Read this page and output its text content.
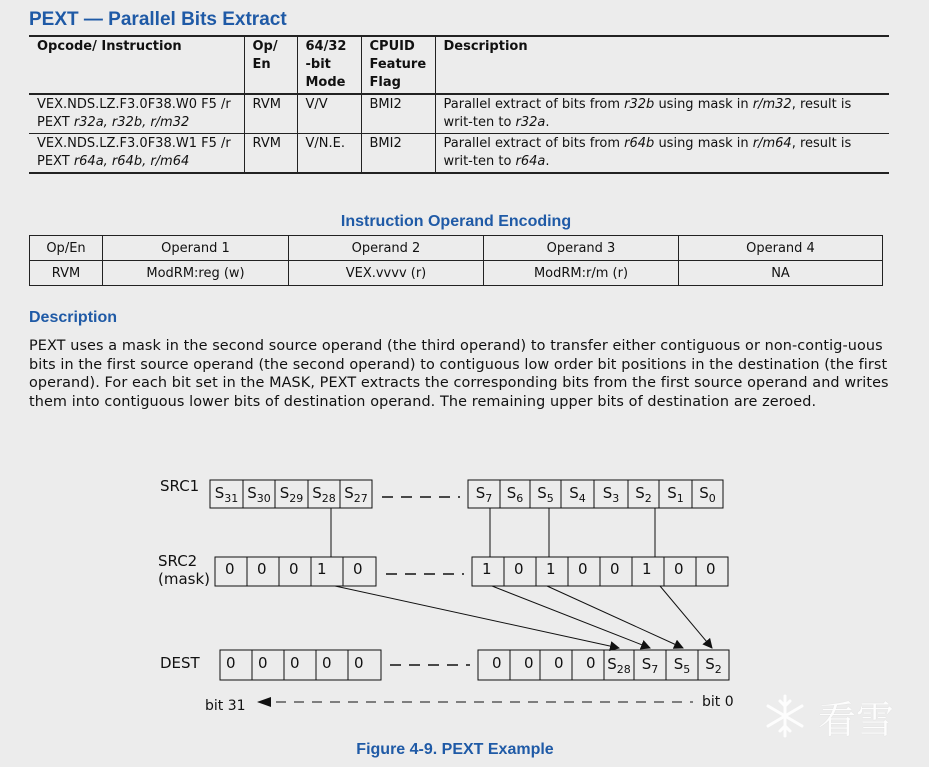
PEXT — Parallel Bits Extract
Opcode/ Instruction	Op/ En	64/32 -bit Mode	CPUID Feature Flag	Description
VEX.NDS.LZ.F3.0F38.W0 F5 /r
PEXT r32a, r32b, r/m32	RVM	V/V	BMI2	Parallel extract of bits from r32b using mask in r/m32, result is writ-ten to r32a.
VEX.NDS.LZ.F3.0F38.W1 F5 /r
PEXT r64a, r64b, r/m64	RVM	V/N.E.	BMI2	Parallel extract of bits from r64b using mask in r/m64, result is writ-ten to r64a.
Instruction Operand Encoding
Op/En	Operand 1	Operand 2	Operand 3	Operand 4
RVM	ModRM:reg (w)	VEX.vvvv (r)	ModRM:r/m (r)	NA
Description

PEXT uses a mask in the second source operand (the third operand) to transfer either contiguous or non-contig-uous bits in the first source operand (the second operand) to contiguous low order bit positions in the destination (the first operand). For each bit set in the MASK, PEXT extracts the corresponding bits from the first source operand and writes them into contiguous lower bits of destination operand. The remaining upper bits of destination are zeroed.

SRC1
SRC2
(mask)
DEST
$S_{31}$ $S_{30}$ $S_{29}$ $S_{28}$ $S_{27}$	$S_7$ $S_6$ $S_5$ $S_4$ $S_3$ $S_2$ $S_1$ $S_0$
0 0 0 1 0	1 0 1 0 0 1 0 0
0 0 0 0 0	0 0 0 0 $S_{28}$ $S_7$ $S_5$ $S_2$
bit 31	bit 0
Figure 4-9. PEXT Example
看雪
